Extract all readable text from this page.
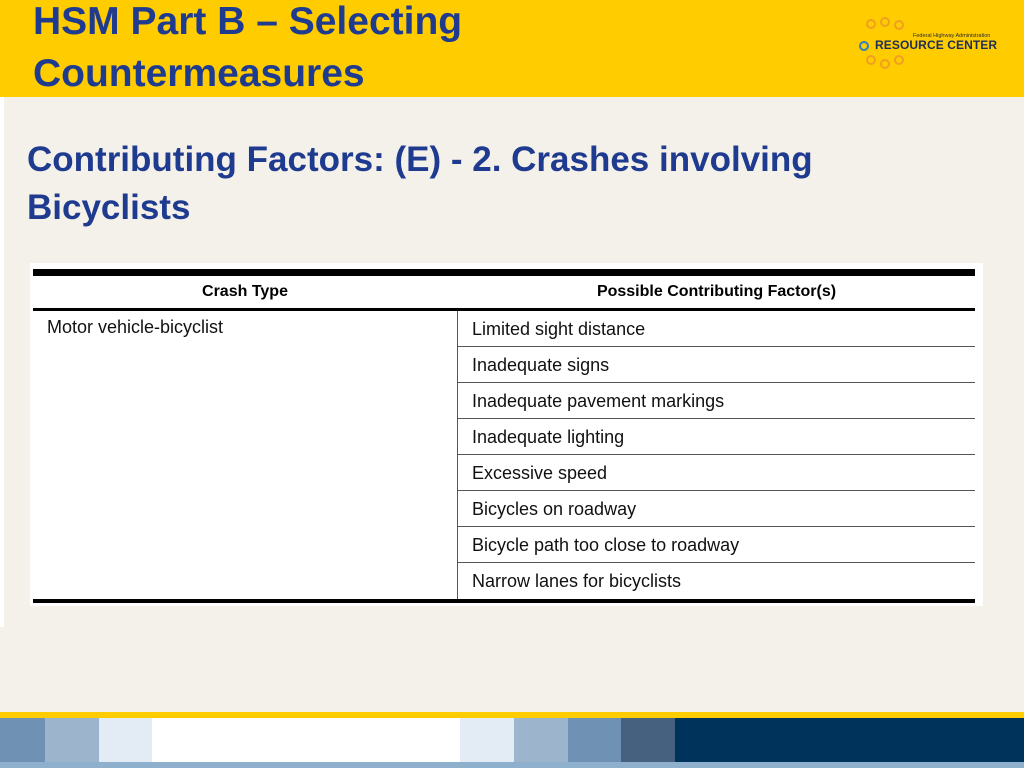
HSM Part B – Selecting
Countermeasures
Federal Highway Administration
RESOURCE CENTER
Contributing Factors: (E) - 2. Crashes involving
Bicyclists
Crash Type	Possible Contributing Factor(s)
Motor vehicle-bicyclist	Limited sight distance
Inadequate signs
Inadequate pavement markings
Inadequate lighting
Excessive speed
Bicycles on roadway
Bicycle path too close to roadway
Narrow lanes for bicyclists
